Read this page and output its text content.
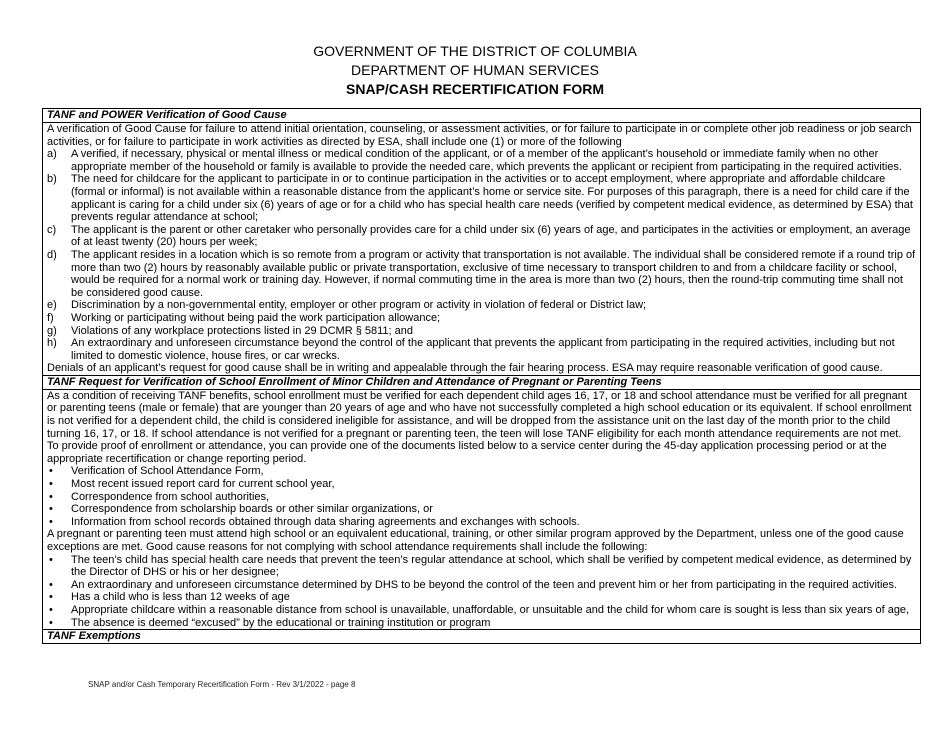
GOVERNMENT OF THE DISTRICT OF COLUMBIA
DEPARTMENT OF HUMAN SERVICES
SNAP/CASH RECERTIFICATION FORM
TANF and POWER Verification of Good Cause

A verification of Good Cause for failure to attend initial orientation, counseling, or assessment activities, or for failure to participate in or complete other job readiness or job search activities, or for failure to participate in work activities as directed by ESA, shall include one (1) or more of the following

a)	A verified, if necessary, physical or mental illness or medical condition of the applicant, or of a member of the applicant’s household or immediate family when no other appropriate member of the household or family is available to provide the needed care, which prevents the applicant or recipient from participating in the required activities.
b)	The need for childcare for the applicant to participate in or to continue participation in the activities or to accept employment, where appropriate and affordable childcare (formal or informal) is not available within a reasonable distance from the applicant’s home or service site. For purposes of this paragraph, there is a need for child care if the applicant is caring for a child under six (6) years of age or for a child who has special health care needs (verified by competent medical evidence, as determined by ESA) that prevents regular attendance at school;
c)	The applicant is the parent or other caretaker who personally provides care for a child under six (6) years of age, and participates in the activities or employment, an average of at least twenty (20) hours per week;
d)	The applicant resides in a location which is so remote from a program or activity that transportation is not available. The individual shall be considered remote if a round trip of more than two (2) hours by reasonably available public or private transportation, exclusive of time necessary to transport children to and from a childcare facility or school, would be required for a normal work or training day. However, if normal commuting time in the area is more than two (2) hours, then the round-trip commuting time shall not be considered good cause.
e)	Discrimination by a non-governmental entity, employer or other program or activity in violation of federal or District law;
f)	Working or participating without being paid the work participation allowance;
g)	Violations of any workplace protections listed in 29 DCMR § 5811; and
h)	An extraordinary and unforeseen circumstance beyond the control of the applicant that prevents the applicant from participating in the required activities, including but not limited to domestic violence, house fires, or car wrecks.

Denials of an applicant’s request for good cause shall be in writing and appealable through the fair hearing process. ESA may require reasonable verification of good cause.

TANF Request for Verification of School Enrollment of Minor Children and Attendance of Pregnant or Parenting Teens

As a condition of receiving TANF benefits, school enrollment must be verified for each dependent child ages 16, 17, or 18 and school attendance must be verified for all pregnant or parenting teens (male or female) that are younger than 20 years of age and who have not successfully completed a high school education or its equivalent. If school enrollment is not verified for a dependent child, the child is considered ineligible for assistance, and will be dropped from the assistance unit on the last day of the month prior to the child turning 16, 17, or 18. If school attendance is not verified for a pregnant or parenting teen, the teen will lose TANF eligibility for each month attendance requirements are not met.

To provide proof of enrollment or attendance, you can provide one of the documents listed below to a service center during the 45-day application processing period or at the appropriate recertification or change reporting period.

•	Verification of School Attendance Form,
•	Most recent issued report card for current school year,
•	Correspondence from school authorities,
•	Correspondence from scholarship boards or other similar organizations, or
•	Information from school records obtained through data sharing agreements and exchanges with schools.

A pregnant or parenting teen must attend high school or an equivalent educational, training, or other similar program approved by the Department, unless one of the good cause exceptions are met. Good cause reasons for not complying with school attendance requirements shall include the following:

•	The teen’s child has special health care needs that prevent the teen’s regular attendance at school, which shall be verified by competent medical evidence, as determined by the Director of DHS or his or her designee;
•	An extraordinary and unforeseen circumstance determined by DHS to be beyond the control of the teen and prevent him or her from participating in the required activities.
•	Has a child who is less than 12 weeks of age
•	Appropriate childcare within a reasonable distance from school is unavailable, unaffordable, or unsuitable and the child for whom care is sought is less than six years of age,
•	The absence is deemed “excused” by the educational or training institution or program
TANF Exemptions
SNAP and/or Cash Temporary Recertification Form - Rev 3/1/2022 - page 8
